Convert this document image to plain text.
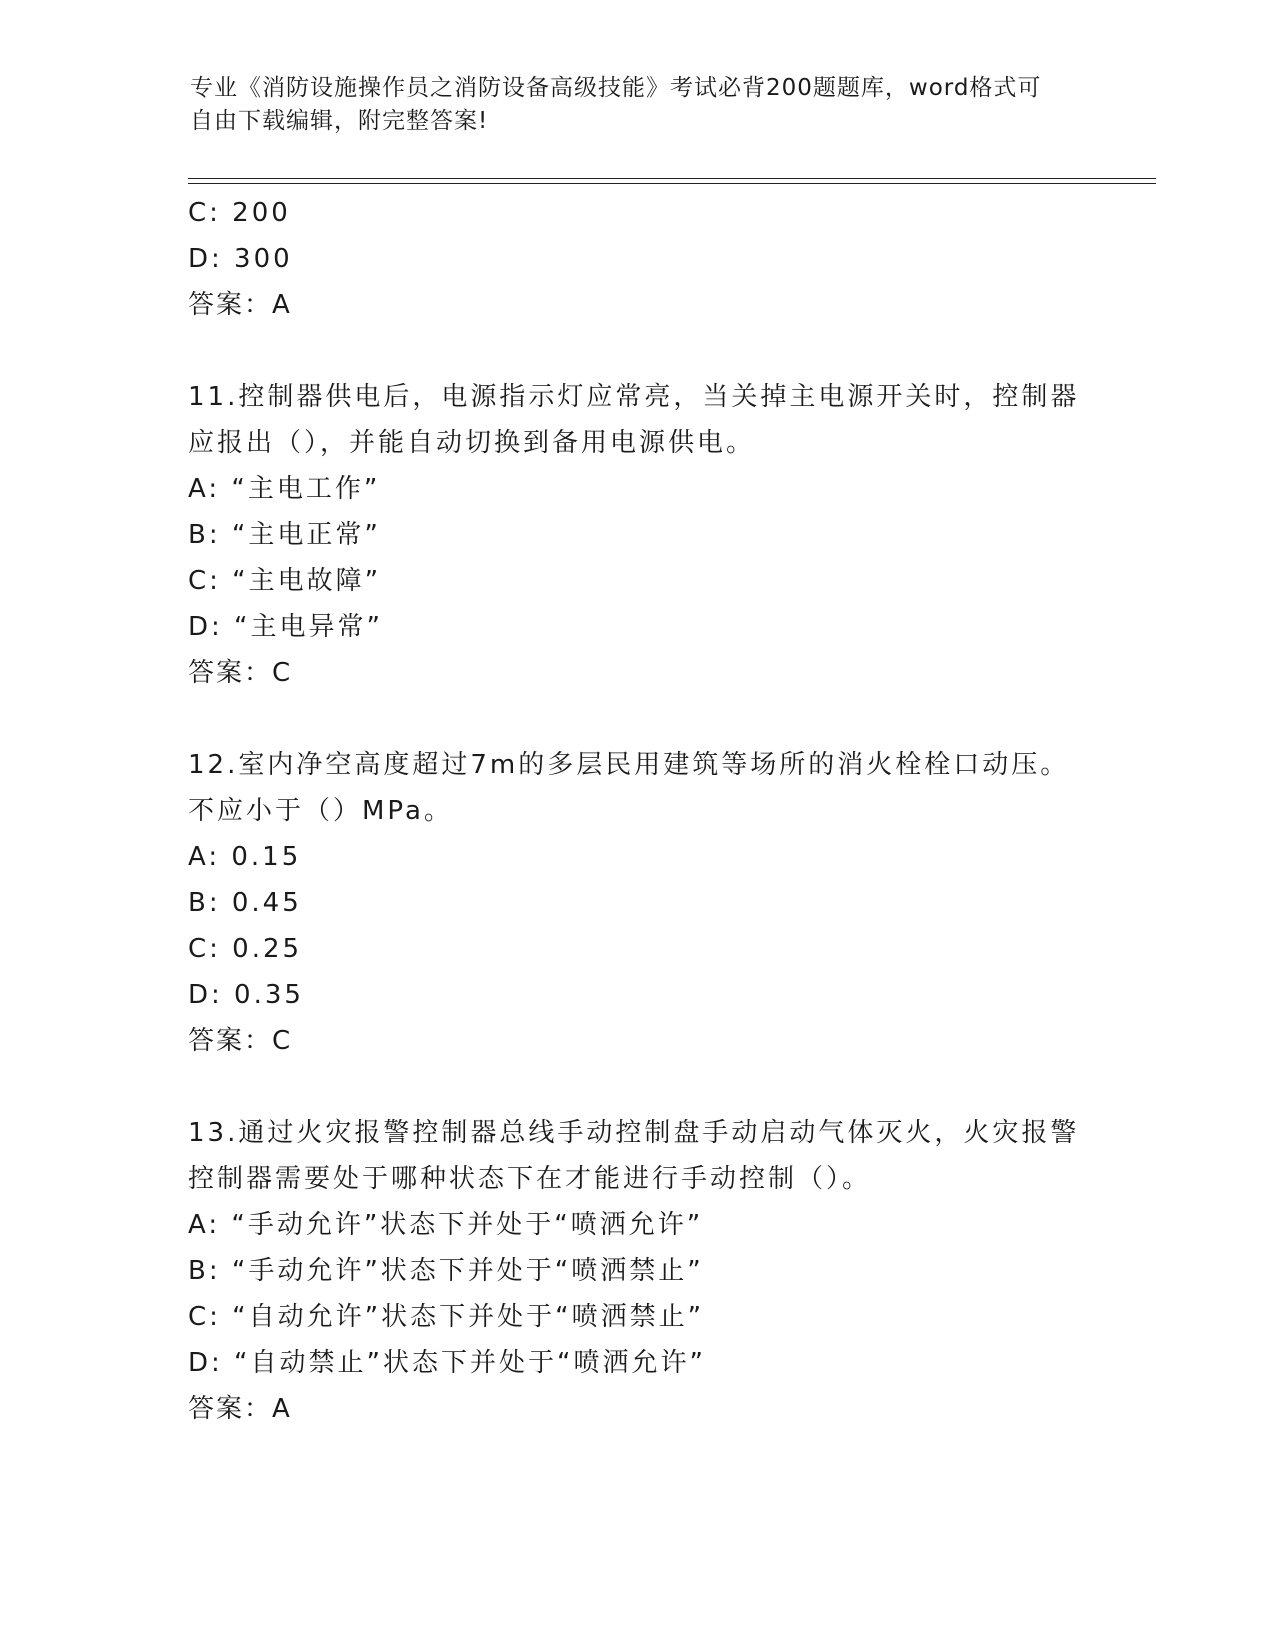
专业《消防设施操作员之消防设备高级技能》考试必背200题题库，word格式可
自由下载编辑，附完整答案!
C: 200
D: 300
答案：A
11.控制器供电后，电源指示灯应常亮，当关掉主电源开关时，控制器
应报出（），并能自动切换到备用电源供电。
A: “主电工作”
B: “主电正常”
C: “主电故障”
D: “主电异常”
答案：C
12.室内净空高度超过7m的多层民用建筑等场所的消火栓栓口动压。
不应小于（）MPa。
A: 0.15
B: 0.45
C: 0.25
D: 0.35
答案：C
13.通过火灾报警控制器总线手动控制盘手动启动气体灭火，火灾报警
控制器需要处于哪种状态下在才能进行手动控制（）。
A: “手动允许”状态下并处于“喷洒允许”
B: “手动允许”状态下并处于“喷洒禁止”
C: “自动允许”状态下并处于“喷洒禁止”
D: “自动禁止”状态下并处于“喷洒允许”
答案：A
